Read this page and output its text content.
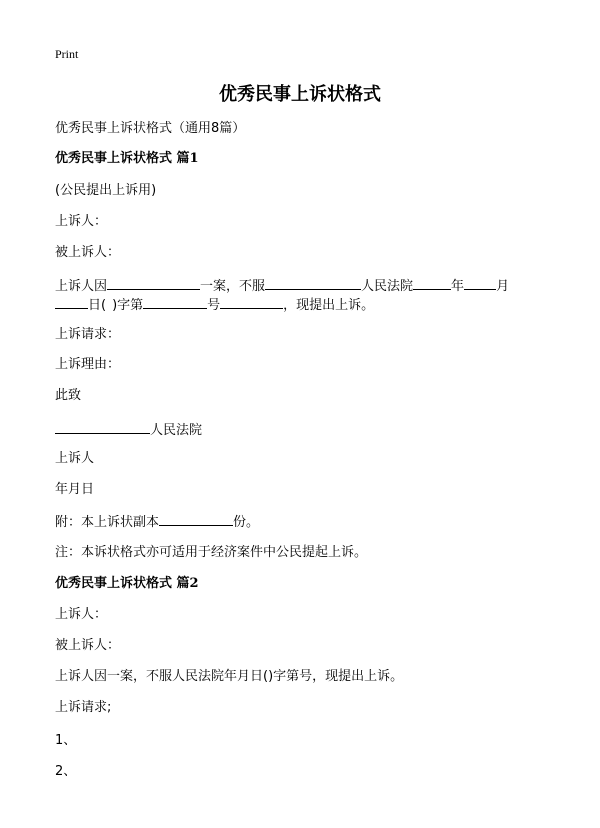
Print
优秀民事上诉状格式
优秀民事上诉状格式（通用8篇）
优秀民事上诉状格式 篇1
(公民提出上诉用)
上诉人：
被上诉人：
上诉人因	一案，不服	人民法院	年 月
日( )字第	号	，现提出上诉。
上诉请求：
上诉理由：
此致
人民法院
上诉人
年月日
附：本上诉状副本	份。
注：本诉状格式亦可适用于经济案件中公民提起上诉。
优秀民事上诉状格式 篇2
上诉人：
被上诉人：
上诉人因一案，不服人民法院年月日()字第号，现提出上诉。
上诉请求;
1、
2、
